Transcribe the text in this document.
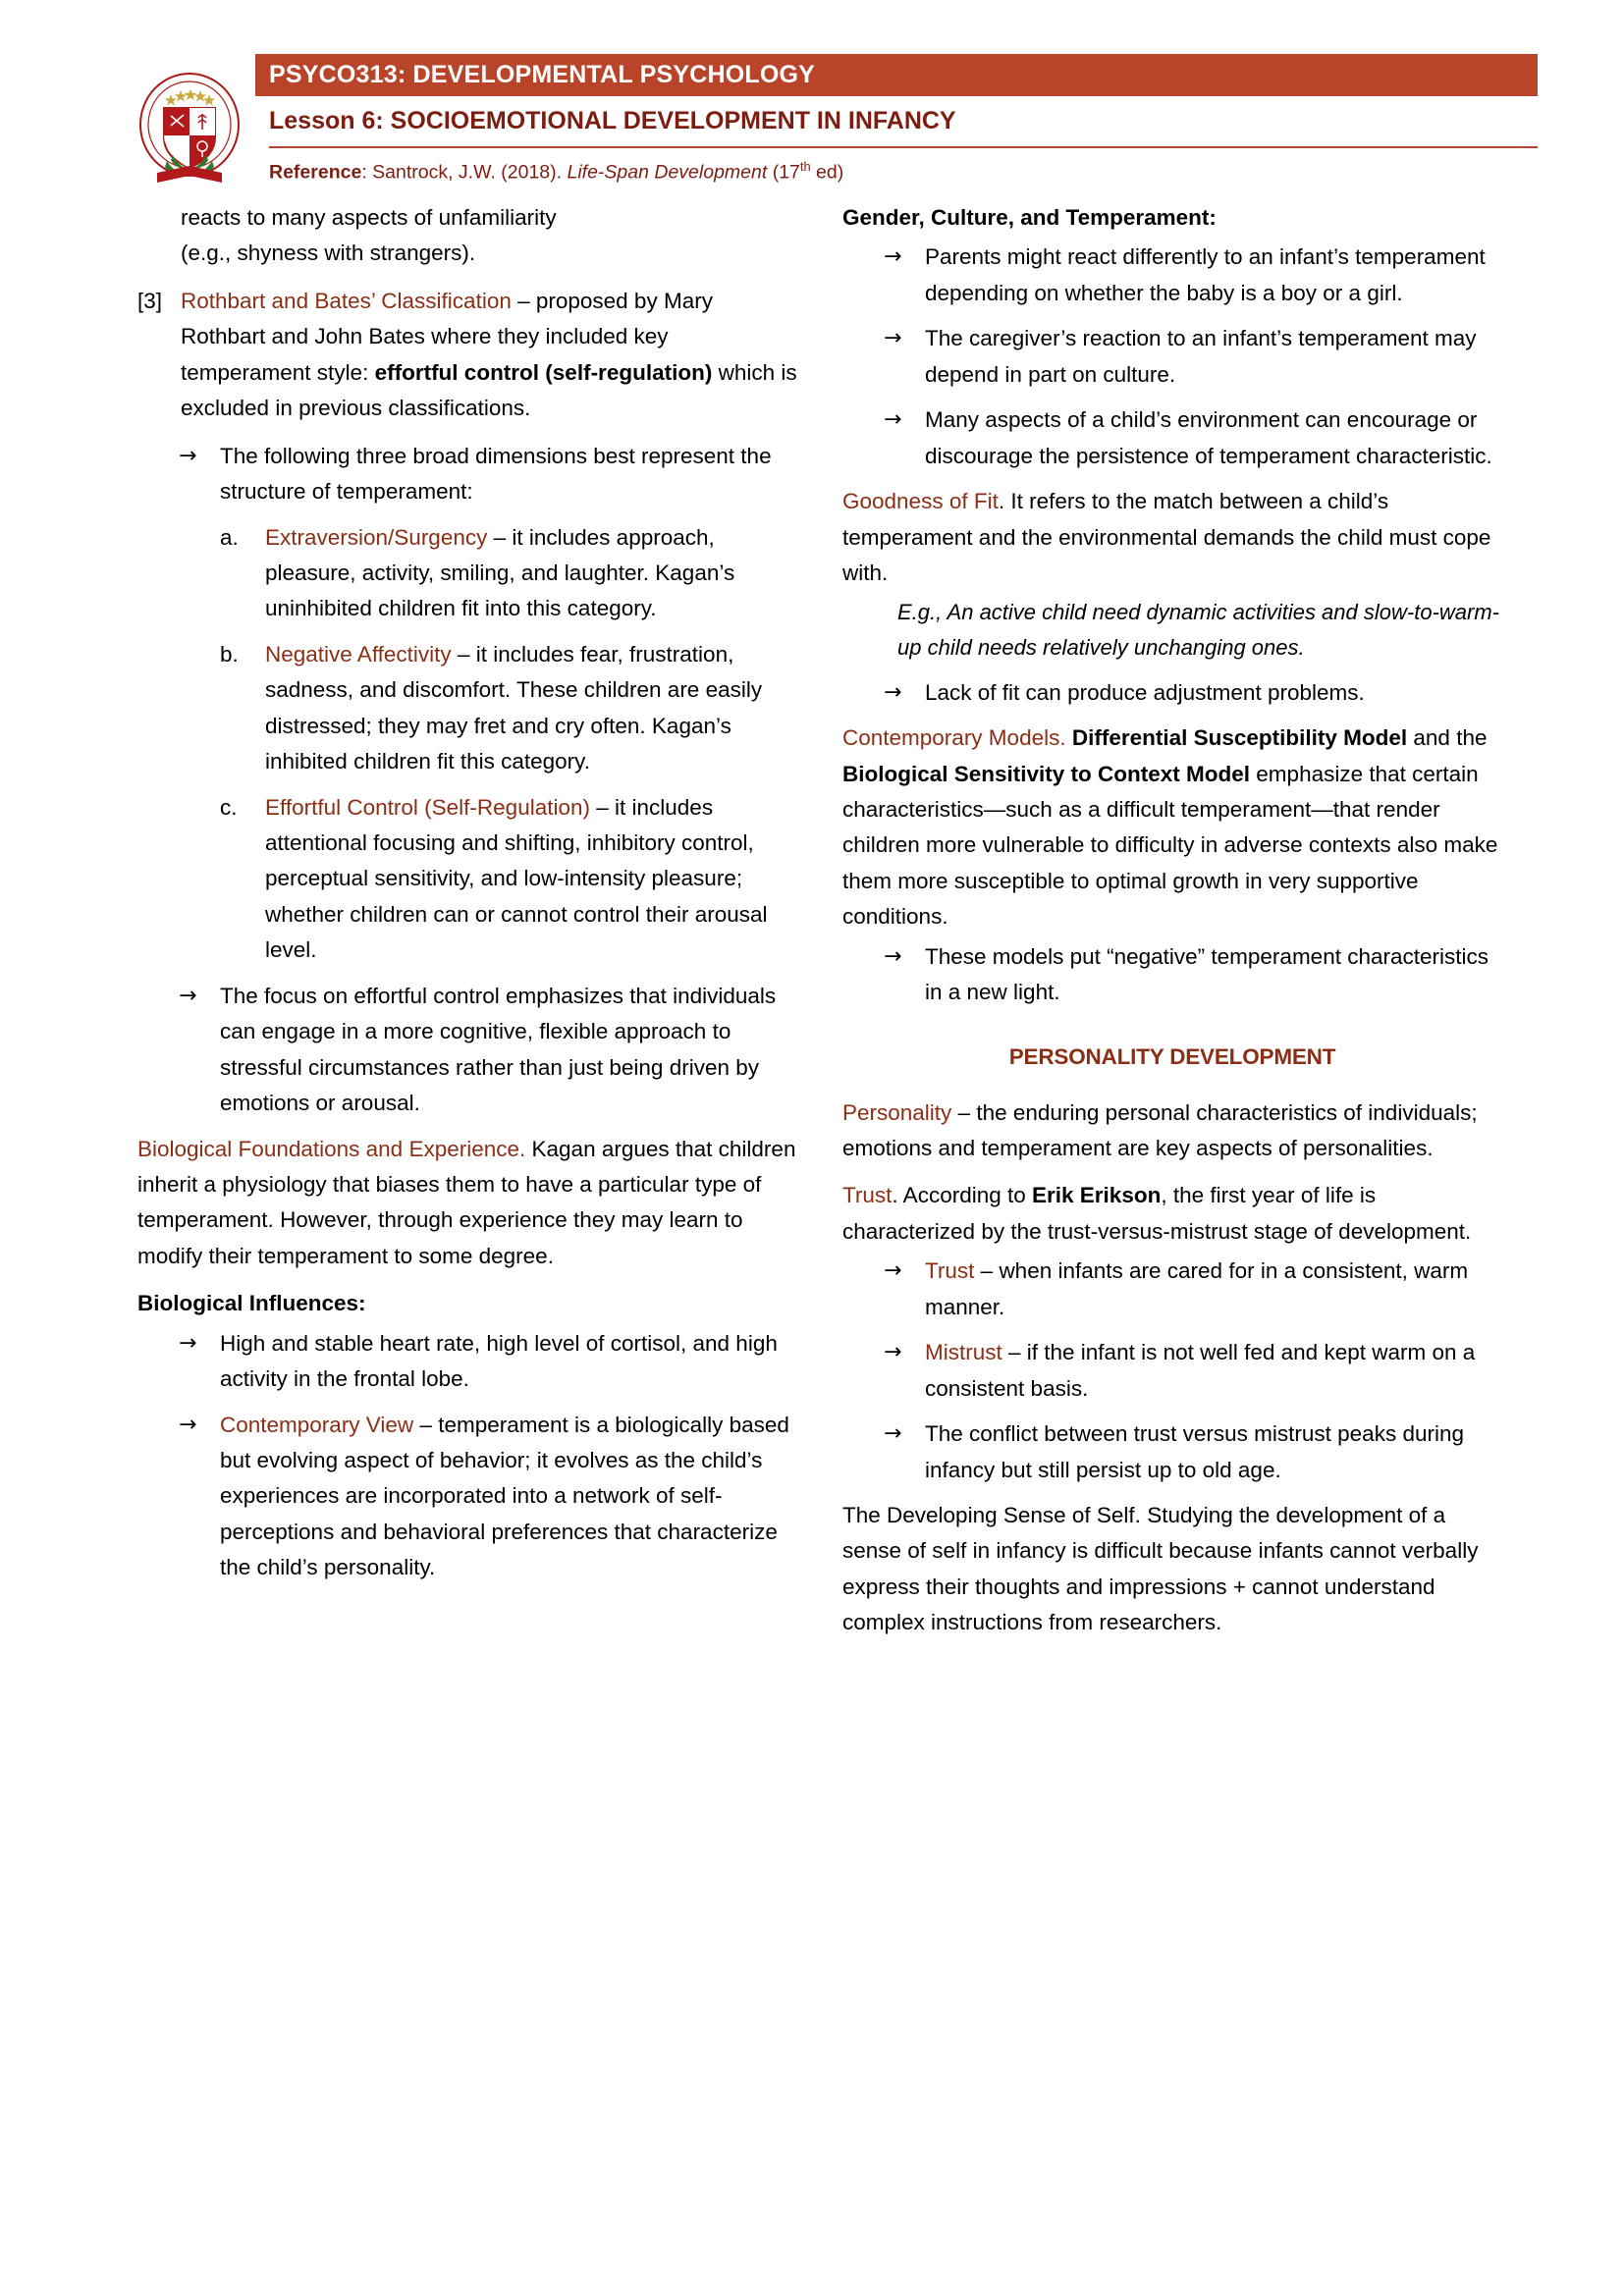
PSYCO313: DEVELOPMENTAL PSYCHOLOGY
Lesson 6: SOCIOEMOTIONAL DEVELOPMENT IN INFANCY
Reference: Santrock, J.W. (2018). Life-Span Development (17th ed)
reacts to many aspects of unfamiliarity
(e.g., shyness with strangers).
[3] Rothbart and Bates’ Classification – proposed by Mary Rothbart and John Bates where they included key temperament style: effortful control (self-regulation) which is excluded in previous classifications.
→	The following three broad dimensions best represent the structure of temperament:
a.	Extraversion/Surgency – it includes approach, pleasure, activity, smiling, and laughter. Kagan’s uninhibited children fit into this category.
b.	Negative Affectivity – it includes fear, frustration, sadness, and discomfort. These children are easily distressed; they may fret and cry often. Kagan’s inhibited children fit this category.
c.	Effortful Control (Self-Regulation) – it includes attentional focusing and shifting, inhibitory control, perceptual sensitivity, and low-intensity pleasure; whether children can or cannot control their arousal level.
→	The focus on effortful control emphasizes that individuals can engage in a more cognitive, flexible approach to stressful circumstances rather than just being driven by emotions or arousal.
Biological Foundations and Experience. Kagan argues that children inherit a physiology that biases them to have a particular type of temperament. However, through experience they may learn to modify their temperament to some degree.
Biological Influences:
→	High and stable heart rate, high level of cortisol, and high activity in the frontal lobe.
→	Contemporary View – temperament is a biologically based but evolving aspect of behavior; it evolves as the child’s experiences are incorporated into a network of self-perceptions and behavioral preferences that characterize the child’s personality.
Gender, Culture, and Temperament:
→	Parents might react differently to an infant’s temperament depending on whether the baby is a boy or a girl.
→	The caregiver’s reaction to an infant’s temperament may depend in part on culture.
→	Many aspects of a child’s environment can encourage or discourage the persistence of temperament characteristic.
Goodness of Fit. It refers to the match between a child’s temperament and the environmental demands the child must cope with.
E.g., An active child need dynamic activities and slow-to-warm-up child needs relatively unchanging ones.
→	Lack of fit can produce adjustment problems.
Contemporary Models. Differential Susceptibility Model and the Biological Sensitivity to Context Model emphasize that certain characteristics—such as a difficult temperament—that render children more vulnerable to difficulty in adverse contexts also make them more susceptible to optimal growth in very supportive conditions.
→	These models put “negative” temperament characteristics in a new light.
PERSONALITY DEVELOPMENT
Personality – the enduring personal characteristics of individuals; emotions and temperament are key aspects of personalities.
Trust. According to Erik Erikson, the first year of life is characterized by the trust-versus-mistrust stage of development.
→	Trust – when infants are cared for in a consistent, warm manner.
→	Mistrust – if the infant is not well fed and kept warm on a consistent basis.
→	The conflict between trust versus mistrust peaks during infancy but still persist up to old age.
The Developing Sense of Self. Studying the development of a sense of self in infancy is difficult because infants cannot verbally express their thoughts and impressions + cannot understand complex instructions from researchers.
